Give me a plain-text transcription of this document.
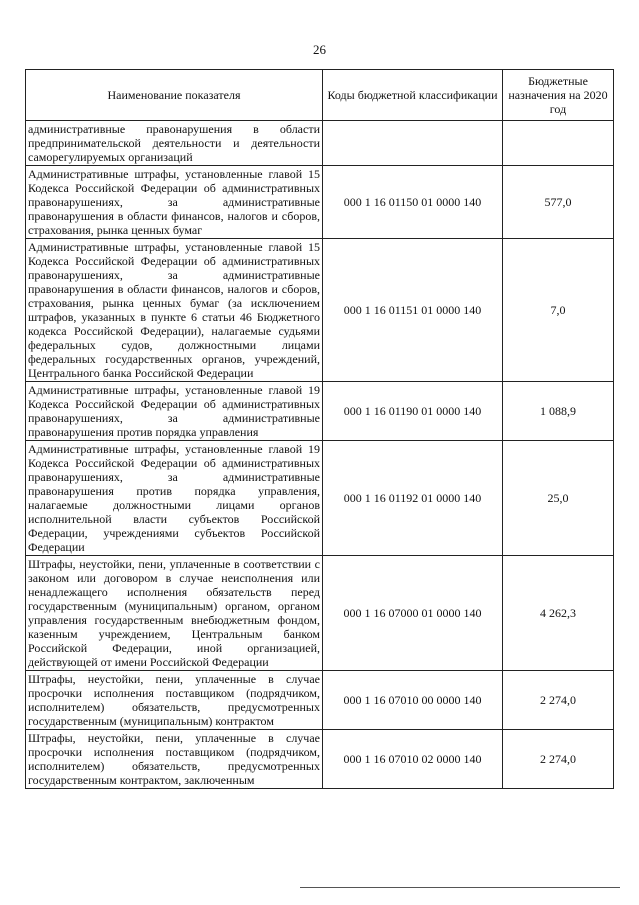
26
Наименование показателя	Коды бюджетной классификации	Бюджетные назначения на 2020 год
административные правонарушения в области предпринимательской деятельности и деятельности саморегулируемых организаций		
Административные штрафы, установленные главой 15 Кодекса Российской Федерации об административных правонарушениях, за административные правонарушения в области финансов, налогов и сборов, страхования, рынка ценных бумаг	000 1 16 01150 01 0000 140	577,0
Административные штрафы, установленные главой 15 Кодекса Российской Федерации об административных правонарушениях, за административные правонарушения в области финансов, налогов и сборов, страхования, рынка ценных бумаг (за исключением штрафов, указанных в пункте 6 статьи 46 Бюджетного кодекса Российской Федерации), налагаемые судьями федеральных судов, должностными лицами федеральных государственных органов, учреждений, Центрального банка Российской Федерации	000 1 16 01151 01 0000 140	7,0
Административные штрафы, установленные главой 19 Кодекса Российской Федерации об административных правонарушениях, за административные правонарушения против порядка управления	000 1 16 01190 01 0000 140	1 088,9
Административные штрафы, установленные главой 19 Кодекса Российской Федерации об административных правонарушениях, за административные правонарушения против порядка управления, налагаемые должностными лицами органов исполнительной власти субъектов Российской Федерации, учреждениями субъектов Российской Федерации	000 1 16 01192 01 0000 140	25,0
Штрафы, неустойки, пени, уплаченные в соответствии с законом или договором в случае неисполнения или ненадлежащего исполнения обязательств перед государственным (муниципальным) органом, органом управления государственным внебюджетным фондом, казенным учреждением, Центральным банком Российской Федерации, иной организацией, действующей от имени Российской Федерации	000 1 16 07000 01 0000 140	4 262,3
Штрафы, неустойки, пени, уплаченные в случае просрочки исполнения поставщиком (подрядчиком, исполнителем) обязательств, предусмотренных государственным (муниципальным) контрактом	000 1 16 07010 00 0000 140	2 274,0
Штрафы, неустойки, пени, уплаченные в случае просрочки исполнения поставщиком (подрядчиком, исполнителем) обязательств, предусмотренных государственным контрактом, заключенным	000 1 16 07010 02 0000 140	2 274,0
